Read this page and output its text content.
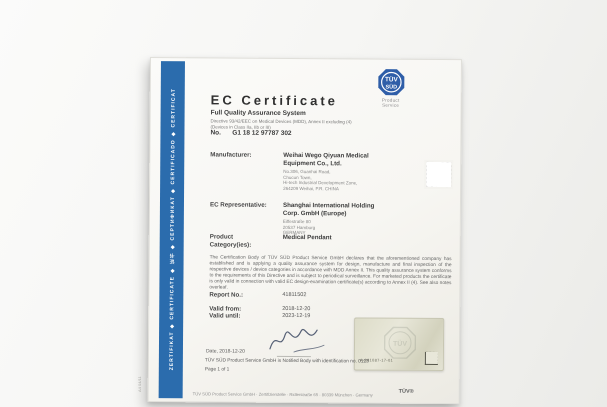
A4 04/11
ZERTIFIKAT ◆ CERTIFICATE ◆ 证书 ◆ СЕРТИФИКАТ ◆ CERTIFICADO ◆ CERTIFICAT
TÜV
SÜD
Product Service
EC Certificate
Full Quality Assurance System
Directive 93/42/EEC on Medical Devices (MDD), Annex II excluding (4)
(Devices in Class IIa, IIb or III)
No. G1 18 12 97787 302
Manufacturer:	Weihai Wego Qiyuan Medical
Equipment Co., Ltd.
No.306, Guanhai Road,
Chucun Town,
Hi-tech Industrial Development Zone,
264209 Weihai, P.R. CHINA
EC Representative:	Shanghai International Holding
Corp. GmbH (Europe)
Eiffestraße 80
20537 Hamburg
GERMANY
Product
Category(ies):
Medical Pendant
The Certification Body of TÜV SÜD Product Service GmbH declares that the aforementioned company has established and is applying a quality assurance system for design, manufacture and final inspection of the respective devices / device categories in accordance with MDD Annex II. This quality assurance system conforms to the requirements of this Directive and is subject to periodical surveillance. For marketed products the certificate is only valid in connection with valid EC design-examination certificate(s) according to Annex II (4). See also notes overleaf.
Report No.:	41811502
Valid from:	2018-12-20
Valid until:	2023-12-19
TÜV
A-091087-17-01
Date, 2018-12-20
TÜV SÜD Product Service GmbH is Notified Body with identification no. 0123
Page 1 of 1
TÜV SÜD Product Service GmbH · Zertifizierstelle · Ridlerstraße 65 · 80339 München · Germany	TÜV®
